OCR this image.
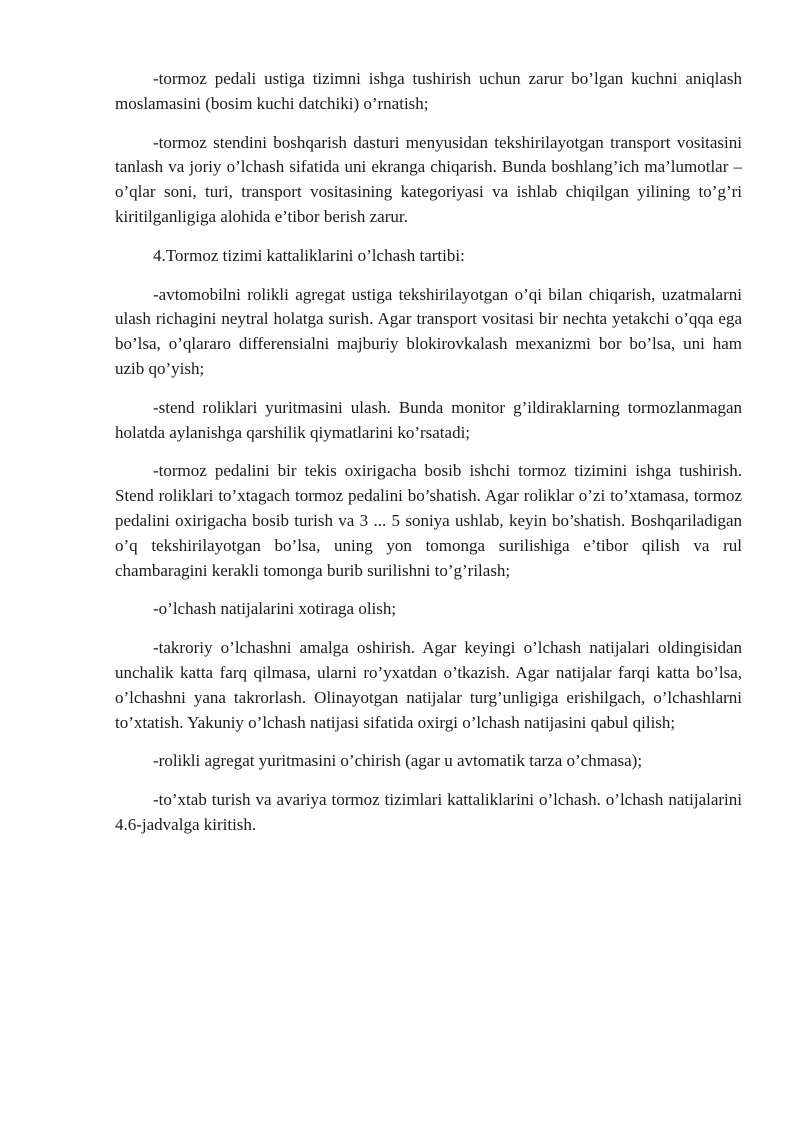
-tormoz pedali ustiga tizimni ishga tushirish uchun zarur bo’lgan kuchni aniqlash moslamasini (bosim kuchi datchiki) o’rnatish;

-tormoz stendini boshqarish dasturi menyusidan tekshirilayotgan transport vositasini tanlash va joriy o’lchash sifatida uni ekranga chiqarish. Bunda boshlang’ich ma’lumotlar – o’qlar soni, turi, transport vositasining kategoriyasi va ishlab chiqilgan yilining to’g’ri kiritilganligiga alohida e’tibor berish zarur.

4.Tormoz tizimi kattaliklarini o’lchash tartibi:

-avtomobilni rolikli agregat ustiga tekshirilayotgan o’qi bilan chiqarish, uzatmalarni ulash richagini neytral holatga surish. Agar transport vositasi bir nechta yetakchi o’qqa ega bo’lsa, o’qlararo differensialni majburiy blokirovkalash mexanizmi bor bo’lsa, uni ham uzib qo’yish;

-stend roliklari yuritmasini ulash. Bunda monitor g’ildiraklarning tormozlanmagan holatda aylanishga qarshilik qiymatlarini ko’rsatadi;

-tormoz pedalini bir tekis oxirigacha bosib ishchi tormoz tizimini ishga tushirish. Stend roliklari to’xtagach tormoz pedalini bo’shatish. Agar roliklar o’zi to’xtamasa, tormoz pedalini oxirigacha bosib turish va 3 ... 5 soniya ushlab, keyin bo’shatish. Boshqariladigan o’q tekshirilayotgan bo’lsa, uning yon tomonga surilishiga e’tibor qilish va rul chambaragini kerakli tomonga burib surilishni to’g’rilash;

-o’lchash natijalarini xotiraga olish;

-takroriy o’lchashni amalga oshirish. Agar keyingi o’lchash natijalari oldingisidan unchalik katta farq qilmasa, ularni ro’yxatdan o’tkazish. Agar natijalar farqi katta bo’lsa, o’lchashni yana takrorlash. Olinayotgan natijalar turg’unligiga erishilgach, o’lchashlarni to’xtatish. Yakuniy o’lchash natijasi sifatida oxirgi o’lchash natijasini qabul qilish;

-rolikli agregat yuritmasini o’chirish (agar u avtomatik tarza o’chmasa);

-to’xtab turish va avariya tormoz tizimlari kattaliklarini o’lchash. o’lchash natijalarini 4.6-jadvalga kiritish.
